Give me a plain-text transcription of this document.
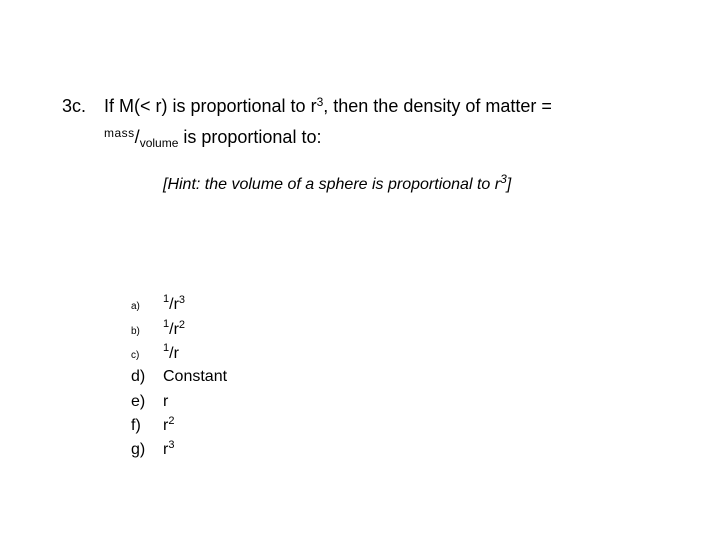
3c. If M(< r) is proportional to $r^3$, then the density of matter =
$^{mass}/_{volume}$ is proportional to:
[Hint: the volume of a sphere is proportional to $r^3$]
$a)^1/r^3$
$b)^1/r^2$
c)$^1$/r
d) Constant
e) r
f) $r^2$
g) $r^3$
